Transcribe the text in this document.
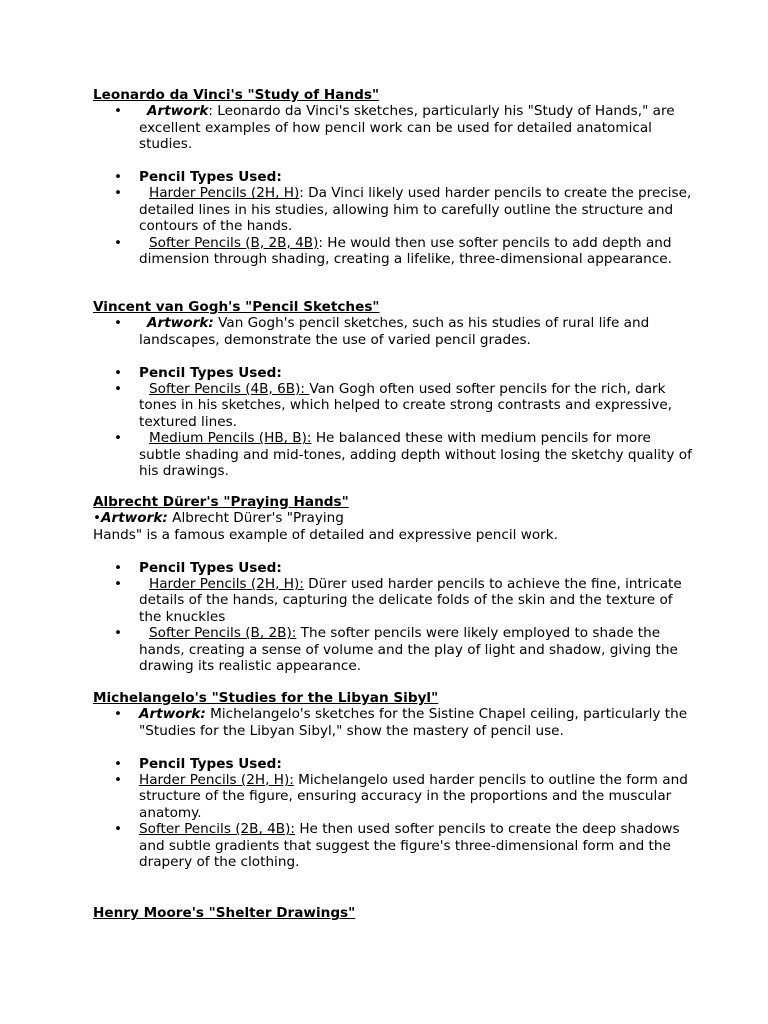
Leonardo da Vinci's "Study of Hands"

• Artwork: Leonardo da Vinci's sketches, particularly his "Study of Hands," are excellent examples of how pencil work can be used for detailed anatomical studies.
• Pencil Types Used:
• Harder Pencils (2H, H): Da Vinci likely used harder pencils to create the precise, detailed lines in his studies, allowing him to carefully outline the structure and contours of the hands.
• Softer Pencils (B, 2B, 4B): He would then use softer pencils to add depth and dimension through shading, creating a lifelike, three-dimensional appearance.

Vincent van Gogh's "Pencil Sketches"

• Artwork: Van Gogh's pencil sketches, such as his studies of rural life and landscapes, demonstrate the use of varied pencil grades.
• Pencil Types Used:
• Softer Pencils (4B, 6B): Van Gogh often used softer pencils for the rich, dark tones in his sketches, which helped to create strong contrasts and expressive, textured lines.
• Medium Pencils (HB, B): He balanced these with medium pencils for more subtle shading and mid-tones, adding depth without losing the sketchy quality of his drawings.

Albrecht Dürer's "Praying Hands"

•Artwork: Albrecht Dürer's "Praying

Hands" is a famous example of detailed and expressive pencil work.

• Pencil Types Used:
• Harder Pencils (2H, H): Dürer used harder pencils to achieve the fine, intricate details of the hands, capturing the delicate folds of the skin and the texture of the knuckles
• Softer Pencils (B, 2B): The softer pencils were likely employed to shade the hands, creating a sense of volume and the play of light and shadow, giving the drawing its realistic appearance.

Michelangelo's "Studies for the Libyan Sibyl"

• Artwork: Michelangelo's sketches for the Sistine Chapel ceiling, particularly the "Studies for the Libyan Sibyl," show the mastery of pencil use.
• Pencil Types Used:
• Harder Pencils (2H, H): Michelangelo used harder pencils to outline the form and structure of the figure, ensuring accuracy in the proportions and the muscular anatomy.
• Softer Pencils (2B, 4B): He then used softer pencils to create the deep shadows and subtle gradients that suggest the figure's three-dimensional form and the drapery of the clothing.

Henry Moore's "Shelter Drawings"
